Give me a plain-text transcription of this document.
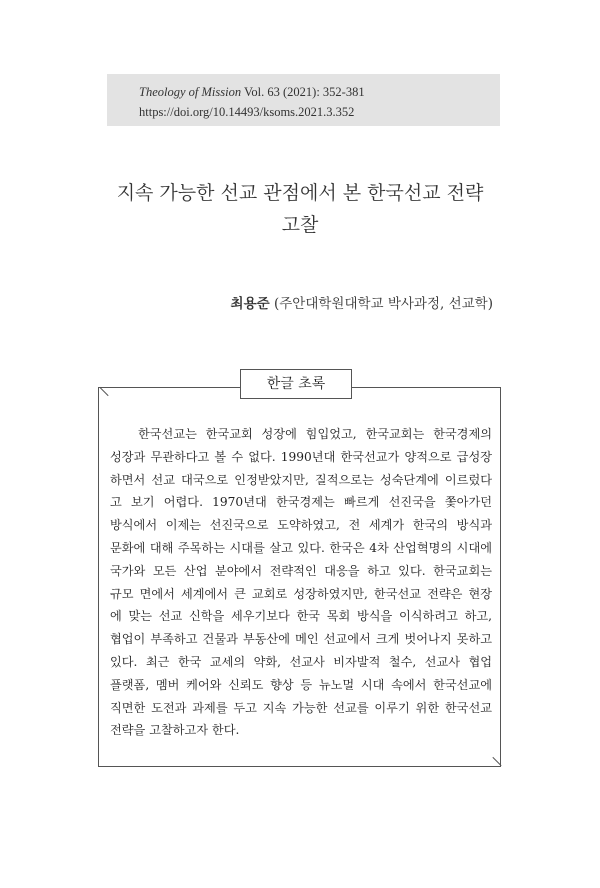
Theology of Mission Vol. 63 (2021): 352-381
https://doi.org/10.14493/ksoms.2021.3.352
지속 가능한 선교 관점에서 본 한국선교 전략
고찰
최용준 (주안대학원대학교 박사과정, 선교학)
한글 초록
한국선교는 한국교회 성장에 힘입었고, 한국교회는 한국경제의
성장과 무관하다고 볼 수 없다. 1990년대 한국선교가 양적으로 급성장
하면서 선교 대국으로 인정받았지만, 질적으로는 성숙단계에 이르렀다
고 보기 어렵다. 1970년대 한국경제는 빠르게 선진국을 쫓아가던
방식에서 이제는 선진국으로 도약하였고, 전 세계가 한국의 방식과
문화에 대해 주목하는 시대를 살고 있다. 한국은 4차 산업혁명의 시대에
국가와 모든 산업 분야에서 전략적인 대응을 하고 있다. 한국교회는
규모 면에서 세계에서 큰 교회로 성장하였지만, 한국선교 전략은 현장
에 맞는 선교 신학을 세우기보다 한국 목회 방식을 이식하려고 하고,
협업이 부족하고 건물과 부동산에 메인 선교에서 크게 벗어나지 못하고
있다. 최근 한국 교세의 약화, 선교사 비자발적 철수, 선교사 협업
플랫폼, 멤버 케어와 신뢰도 향상 등 뉴노멀 시대 속에서 한국선교에
직면한 도전과 과제를 두고 지속 가능한 선교를 이루기 위한 한국선교
전략을 고찰하고자 한다.
